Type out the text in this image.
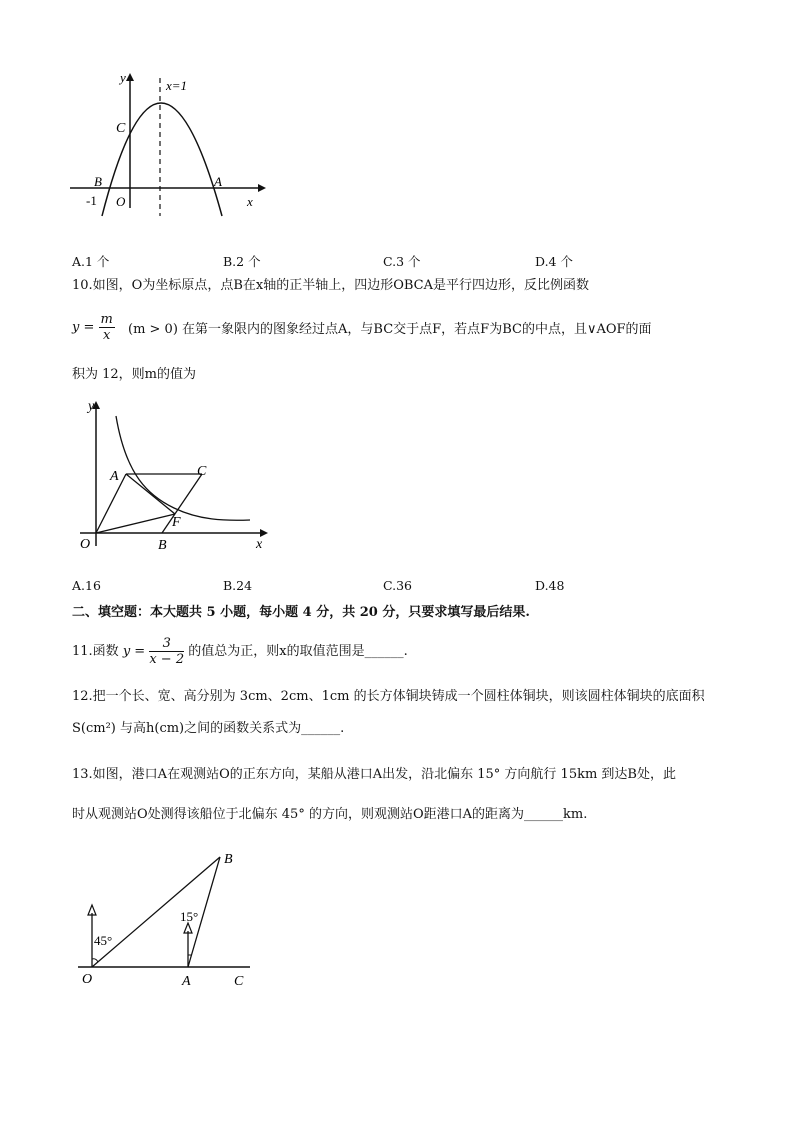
y
x
x=1
C
B	A
O
-1
A.1 个	B.2 个	C.3 个	D.4 个
10.如图，O为坐标原点，点B在x轴的正半轴上，四边形OBCA是平行四边形，反比例函数
$y = \frac{m}{x} (m > 0)$ 在第一象限内的图象经过点A，与BC交于点F，若点F为BC的中点，且∨AOF的面
积为 12，则m的值为
y
x
O
A
B
C
F
A.16	B.24	C.36	D.48
二、填空题：本大题共 5 小题，每小题 4 分，共 20 分，只要求填写最后结果.
11.函数 $y = \frac{3}{x - 2}$ 的值总为正，则x的取值范围是______.
12.把一个长、宽、高分别为 3cm、2cm、1cm 的长方体铜块铸成一个圆柱体铜块，则该圆柱体铜块的底面积
S(cm²) 与高h(cm)之间的函数关系式为______.
13.如图，港口A在观测站O的正东方向，某船从港口A出发，沿北偏东 15° 方向航行 15km 到达B处，此
时从观测站O处测得该船位于北偏东 45° 的方向，则观测站O距港口A的距离为______km.
B
O	A	C
45°
15°
